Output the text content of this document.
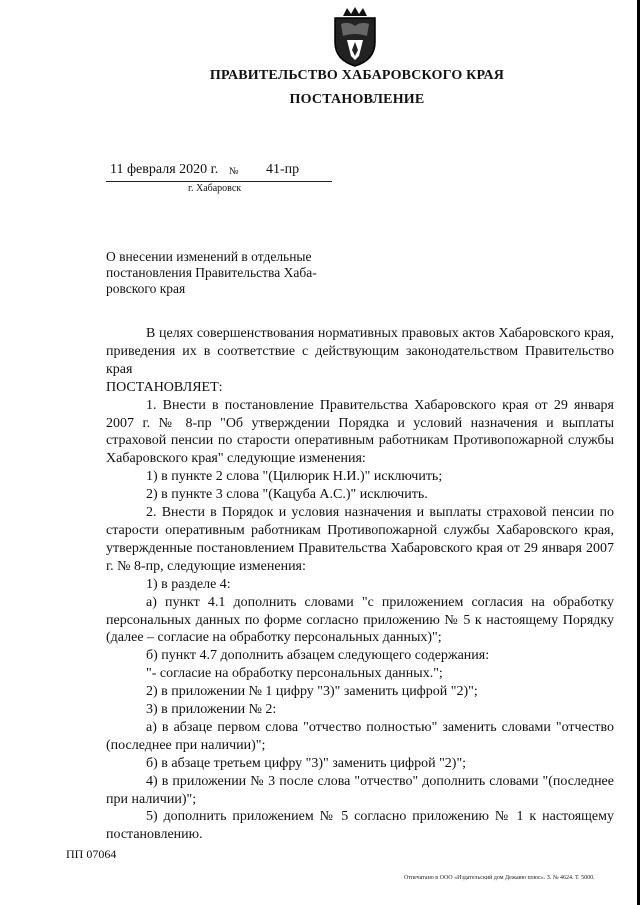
ПРАВИТЕЛЬСТВО ХАБАРОВСКОГО КРАЯ
ПОСТАНОВЛЕНИЕ
11 февраля 2020 г. № 41-пр
г. Хабаровск
О внесении изменений в отдельные постановления Правительства Хаба-ровского края

В целях совершенствования нормативных правовых актов Хабаровского края, приведения их в соответствие с действующим законодательством Правительство края

ПОСТАНОВЛЯЕТ:

1. Внести в постановление Правительства Хабаровского края от 29 января 2007 г. № 8-пр "Об утверждении Порядка и условий назначения и выплаты страховой пенсии по старости оперативным работникам Противопожарной службы Хабаровского края" следующие изменения:

1) в пункте 2 слова "(Цилюрик Н.И.)" исключить;

2) в пункте 3 слова "(Кацуба А.С.)" исключить.

2. Внести в Порядок и условия назначения и выплаты страховой пенсии по старости оперативным работникам Противопожарной службы Хабаровского края, утвержденные постановлением Правительства Хабаровского края от 29 января 2007 г. № 8-пр, следующие изменения:

1) в разделе 4:

а) пункт 4.1 дополнить словами "с приложением согласия на обработку персональных данных по форме согласно приложению № 5 к настоящему Порядку (далее – согласие на обработку персональных данных)";

б) пункт 4.7 дополнить абзацем следующего содержания:

"- согласие на обработку персональных данных.";

2) в приложении № 1 цифру "3)" заменить цифрой "2)";

3) в приложении № 2:

а) в абзаце первом слова "отчество полностью" заменить словами "отчество (последнее при наличии)";

б) в абзаце третьем цифру "3)" заменить цифрой "2)";

4) в приложении № 3 после слова "отчество" дополнить словами "(последнее при наличии)";

5) дополнить приложением № 5 согласно приложению № 1 к настоящему постановлению.

ПП 07064
Отпечатано в ООО «Издательский дом Дежавю плюс». З. № 4624. Т. 5000.
